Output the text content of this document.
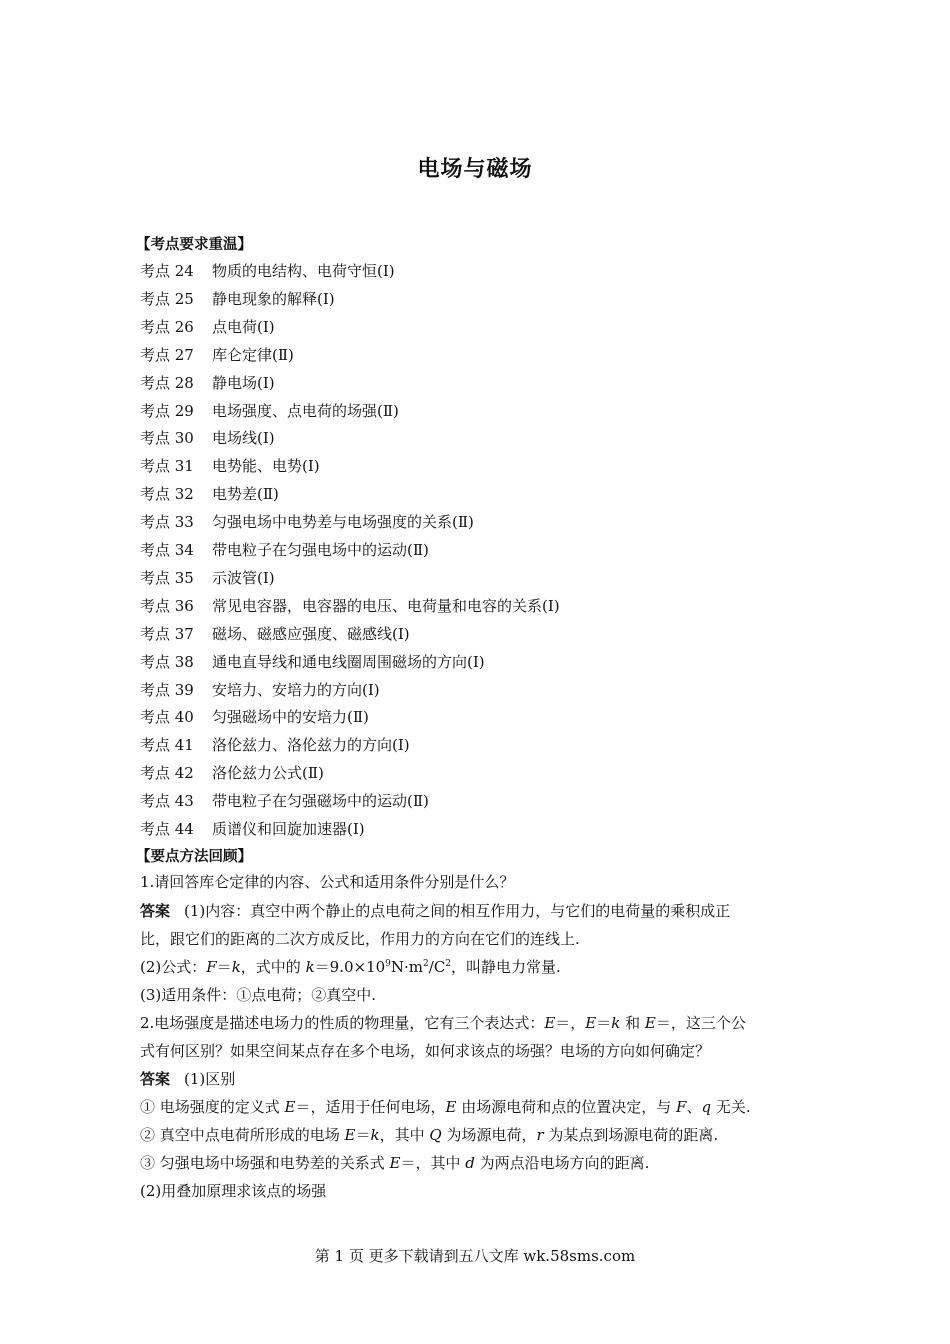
电场与磁场
【考点要求重温】
考点 24 物质的电结构、电荷守恒(Ⅰ)
考点 25 静电现象的解释(Ⅰ)
考点 26 点电荷(Ⅰ)
考点 27 库仑定律(Ⅱ)
考点 28 静电场(Ⅰ)
考点 29 电场强度、点电荷的场强(Ⅱ)
考点 30 电场线(Ⅰ)
考点 31 电势能、电势(Ⅰ)
考点 32 电势差(Ⅱ)
考点 33 匀强电场中电势差与电场强度的关系(Ⅱ)
考点 34 带电粒子在匀强电场中的运动(Ⅱ)
考点 35 示波管(Ⅰ)
考点 36 常见电容器，电容器的电压、电荷量和电容的关系(Ⅰ)
考点 37 磁场、磁感应强度、磁感线(Ⅰ)
考点 38 通电直导线和通电线圈周围磁场的方向(Ⅰ)
考点 39 安培力、安培力的方向(Ⅰ)
考点 40 匀强磁场中的安培力(Ⅱ)
考点 41 洛伦兹力、洛伦兹力的方向(Ⅰ)
考点 42 洛伦兹力公式(Ⅱ)
考点 43 带电粒子在匀强磁场中的运动(Ⅱ)
考点 44 质谱仪和回旋加速器(Ⅰ)
【要点方法回顾】
1.请回答库仑定律的内容、公式和适用条件分别是什么？
答案 (1)内容：真空中两个静止的点电荷之间的相互作用力，与它们的电荷量的乘积成正
比，跟它们的距离的二次方成反比，作用力的方向在它们的连线上.
(2)公式：F＝k，式中的 $k=9.0\times 10^9N\cdot m^2/C^2$，叫静电力常量.
(3)适用条件：①点电荷；②真空中.
2.电场强度是描述电场力的性质的物理量，它有三个表达式：E＝，E＝k 和 E＝，这三个公
式有何区别？如果空间某点存在多个电场，如何求该点的场强？电场的方向如何确定？
答案 (1)区别
① 电场强度的定义式 E＝，适用于任何电场，E 由场源电荷和点的位置决定，与 F、q 无关.
② 真空中点电荷所形成的电场 E＝k，其中 Q 为场源电荷，r 为某点到场源电荷的距离.
③ 匀强电场中场强和电势差的关系式 E＝，其中 d 为两点沿电场方向的距离.
(2)用叠加原理求该点的场强
第 1 页 更多下载请到五八文库 wk.58sms.com
